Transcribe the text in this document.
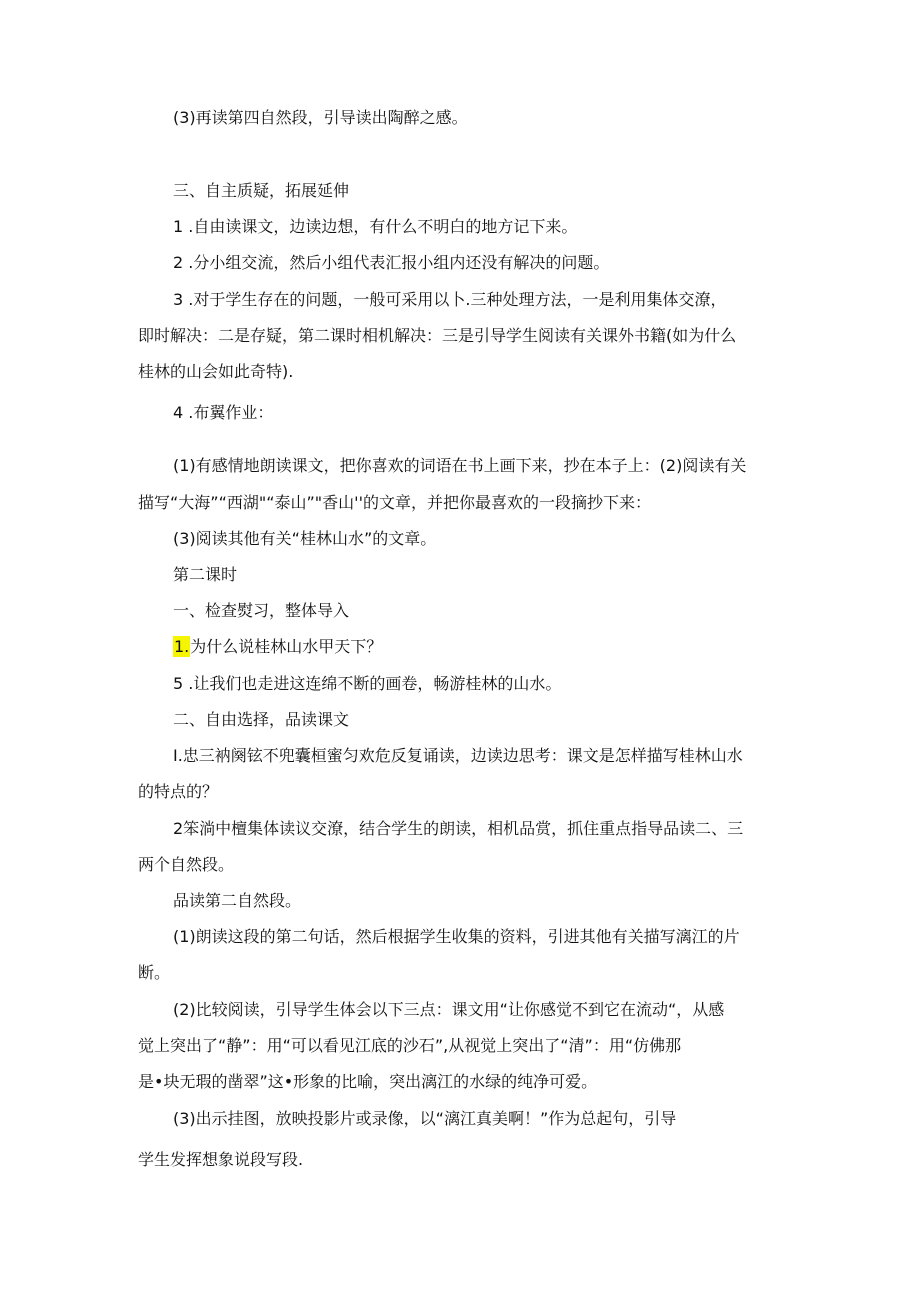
(3)再读第四自然段，引导读出陶醉之感。

三、自主质疑，拓展延伸

1 .自由读课文，边读边想，有什么不明白的地方记下来。

2 .分小组交流，然后小组代表汇报小组内还没有解决的问题。

3 .对于学生存在的问题，一般可采用以卜.三种处理方法，一是利用集体交潦，

即时解决：二是存疑，第二课时相机解决：三是引导学生阅读有关课外书籍(如为什么

桂林的山会如此奇特).

4 .布翼作业：

(1)有感情地朗读课文，把你喜欢的词语在书上画下来，抄在本子上：(2)阅读有关

描写“大海”“西湖"“泰山”"香山''的文章，并把你最喜欢的一段摘抄下来：

(3)阅读其他有关“桂林山水”的文章。

第二课时

一、检查熨习，整体导入

1.为什么说桂林山水甲天下？

5 .让我们也走进这连绵不断的画卷，畅游桂林的山水。

二、自由选择，品读课文

I.忠三衲阕铉不兜囊桓蜜匀欢危反复诵读，边读边思考：课文是怎样描写桂林山水

的特点的？

2笨淌中檀集体读议交潦，结合学生的朗读，相机品赏，抓住重点指导品读二、三

两个自然段。

品读第二自然段。

(1)朗读这段的第二句话，然后根据学生收集的资料，引进其他有关描写漓江的片

断。

(2)比较阅读，引导学生体会以下三点：课文用“让你感觉不到它在流动“，从感

觉上突出了“静”：用“可以看见江底的沙石”,从视觉上突出了“清”：用“仿佛那

是•块无瑕的凿翠”这•形象的比喻，突出漓江的水绿的纯净可爱。

(3)出示挂图，放映投影片或录像，以“漓江真美啊！”作为总起句，引导

学生发挥想象说段写段.
